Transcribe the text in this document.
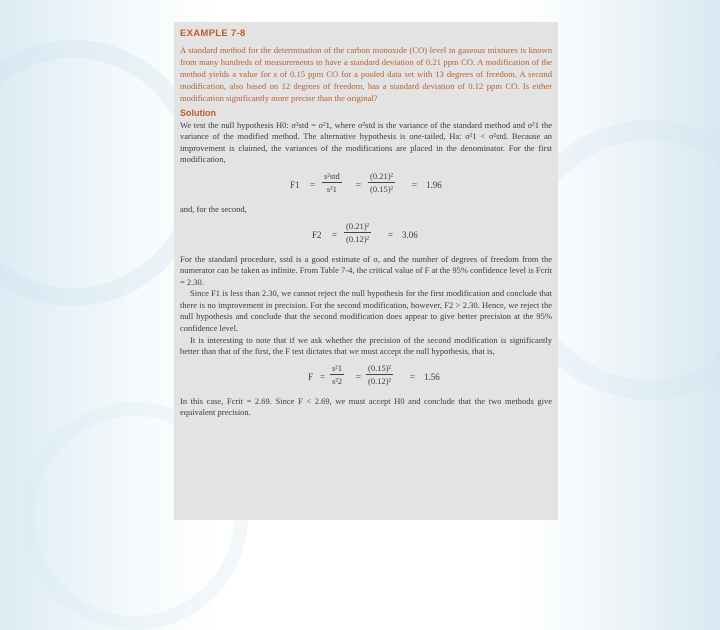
EXAMPLE 7-8

A standard method for the determination of the carbon monoxide (CO) level in gaseous mixtures is known from many hundreds of measurements to have a standard deviation of 0.21 ppm CO. A modification of the method yields a value for s of 0.15 ppm CO for a pooled data set with 13 degrees of freedom. A second modification, also based on 12 degrees of freedom, has a standard deviation of 0.12 ppm CO. Is either modification significantly more precise than the original?

Solution

We test the null hypothesis H0: σ²std = σ²1, where σ²std is the variance of the standard method and σ²1 the variance of the modified method. The alternative hypothesis is one-tailed, Ha: σ²1 < σ²std. Because an improvement is claimed, the variances of the modifications are placed in the denominator. For the first modification,

F1 =
s²std
s²1	= $\frac{\text{(0.21)²}}{\text{(0.15)²}} = 1.96$

and, for the second,

$F2 = \frac{\text{(0.21)²}}{\text{(0.12)²}} = 3.06$

For the standard procedure, sstd is a good estimate of σ, and the number of degrees of freedom from the numerator can be taken as infinite. From Table 7-4, the critical value of F at the 95% confidence level is Fcrit = 2.30.

Since F1 is less than 2.30, we cannot reject the null hypothesis for the first modification and conclude that there is no improvement in precision. For the second modification, however, F2 > 2.30. Hence, we reject the null hypothesis and conclude that the second modification does appear to give better precision at the 95% confidence level.

It is interesting to note that if we ask whether the precision of the second modification is significantly better than that of the first, the F test dictates that we must accept the null hypothesis, that is,

$F = \frac{\text{s²1}}{\text{s²2}} = \frac{\text{(0.15)²}}{\text{(0.12)²}} = 1.56$

In this case, Fcrit = 2.69. Since F < 2.69, we must accept H0 and conclude that the two methods give equivalent precision.
